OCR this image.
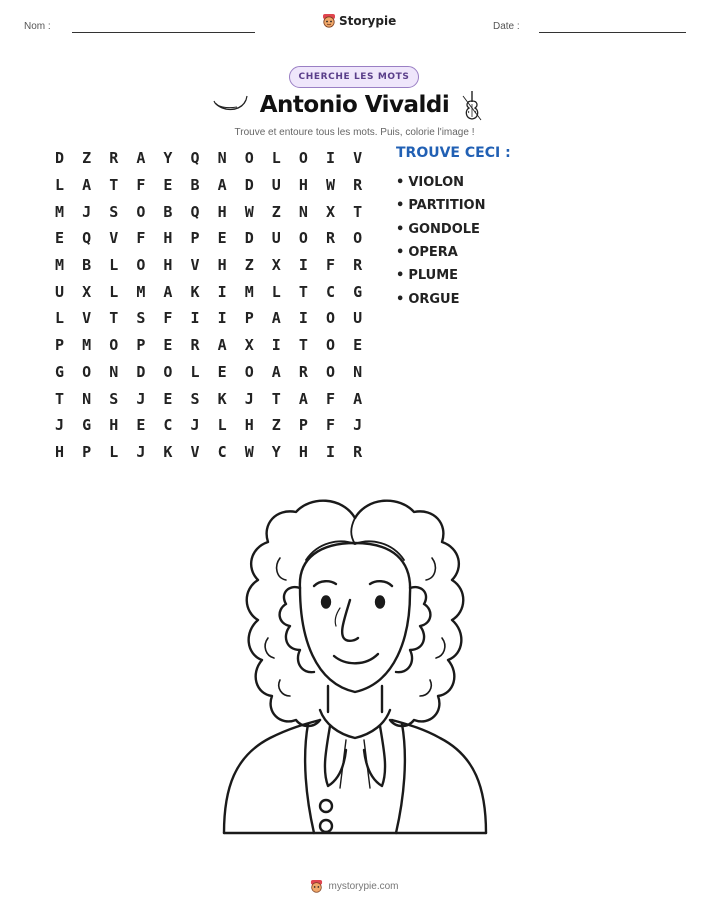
Nom :	Storypie	Date :
CHERCHE LES MOTS
Antonio Vivaldi
Trouve et entoure tous les mots. Puis, colorie l'image !
D	Z	R	A	Y	Q	N	O	L	O	I	V
L	A	T	F	E	B	A	D	U	H	W	R
M	J	S	O	B	Q	H	W	Z	N	X	T
E	Q	V	F	H	P	E	D	U	O	R	O
M	B	L	O	H	V	H	Z	X	I	F	R
U	X	L	M	A	K	I	M	L	T	C	G
L	V	T	S	F	I	I	P	A	I	O	U
P	M	O	P	E	R	A	X	I	T	O	E
G	O	N	D	O	L	E	O	A	R	O	N
T	N	S	J	E	S	K	J	T	A	F	A
J	G	H	E	C	J	L	H	Z	P	F	J
H	P	L	J	K	V	C	W	Y	H	I	R
TROUVE CECI :
• VIOLON
• PARTITION
• GONDOLE
• OPERA
• PLUME
• ORGUE
mystorypie.com
